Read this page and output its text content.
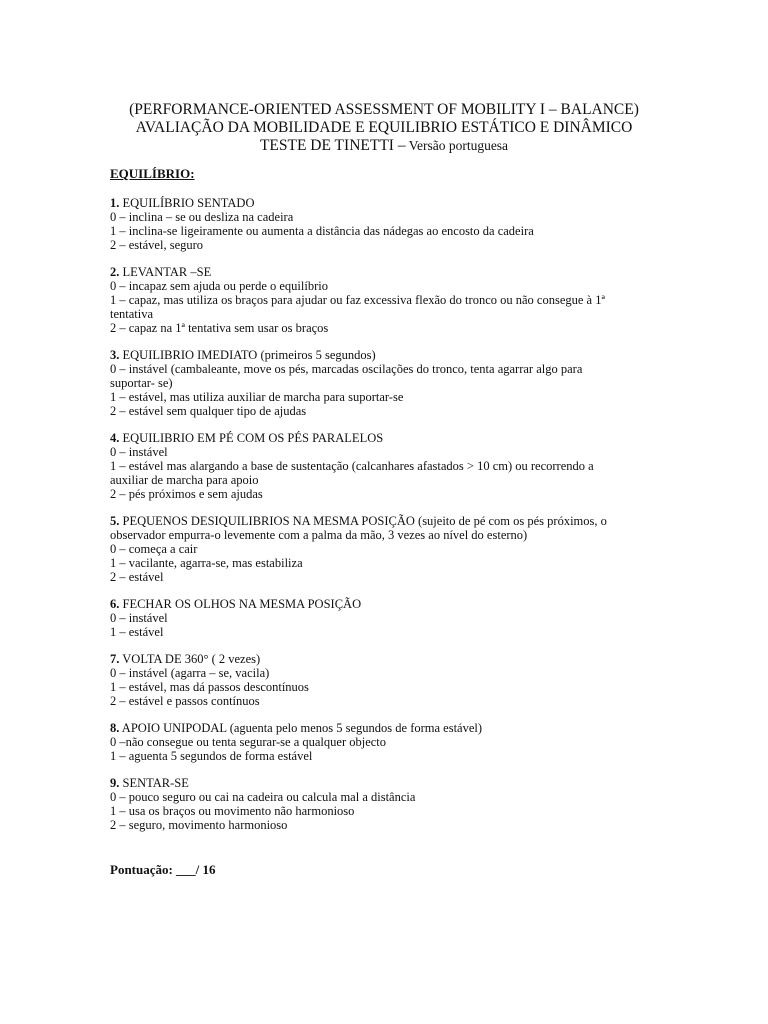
(PERFORMANCE-ORIENTED ASSESSMENT OF MOBILITY I – BALANCE)
AVALIAÇÃO DA MOBILIDADE E EQUILIBRIO ESTÁTICO E DINÂMICO
TESTE DE TINETTI – Versão portuguesa
EQUILÍBRIO:
1. EQUILÍBRIO SENTADO
0 – inclina – se ou desliza na cadeira
1 – inclina-se ligeiramente ou aumenta a distância das nádegas ao encosto da cadeira
2 – estável, seguro
2. LEVANTAR –SE
0 – incapaz sem ajuda ou perde o equilíbrio
1 – capaz, mas utiliza os braços para ajudar ou faz excessiva flexão do tronco ou não consegue à 1ª tentativa
2 – capaz na 1ª tentativa sem usar os braços
3. EQUILIBRIO IMEDIATO (primeiros 5 segundos)
0 – instável (cambaleante, move os pés, marcadas oscilações do tronco, tenta agarrar algo para suportar- se)
1 – estável, mas utiliza auxiliar de marcha para suportar-se
2 – estável sem qualquer tipo de ajudas
4. EQUILIBRIO EM PÉ COM OS PÉS PARALELOS
0 – instável
1 – estável mas alargando a base de sustentação (calcanhares afastados > 10 cm) ou recorrendo a auxiliar de marcha para apoio
2 – pés próximos e sem ajudas
5. PEQUENOS DESIQUILIBRIOS NA MESMA POSIÇÃO (sujeito de pé com os pés próximos, o observador empurra-o levemente com a palma da mão, 3 vezes ao nível do esterno)
0 – começa a cair
1 – vacilante, agarra-se, mas estabiliza
2 – estável
6. FECHAR OS OLHOS NA MESMA POSIÇÃO
0 – instável
1 – estável
7. VOLTA DE 360° ( 2 vezes)
0 – instável (agarra – se, vacila)
1 – estável, mas dá passos descontínuos
2 – estável e passos contínuos
8. APOIO UNIPODAL (aguenta pelo menos 5 segundos de forma estável)
0 –não consegue ou tenta segurar-se a qualquer objecto
1 – aguenta 5 segundos de forma estável
9. SENTAR-SE
0 – pouco seguro ou cai na cadeira ou calcula mal a distância
1 – usa os braços ou movimento não harmonioso
2 – seguro, movimento harmonioso
Pontuação: ___/ 16
